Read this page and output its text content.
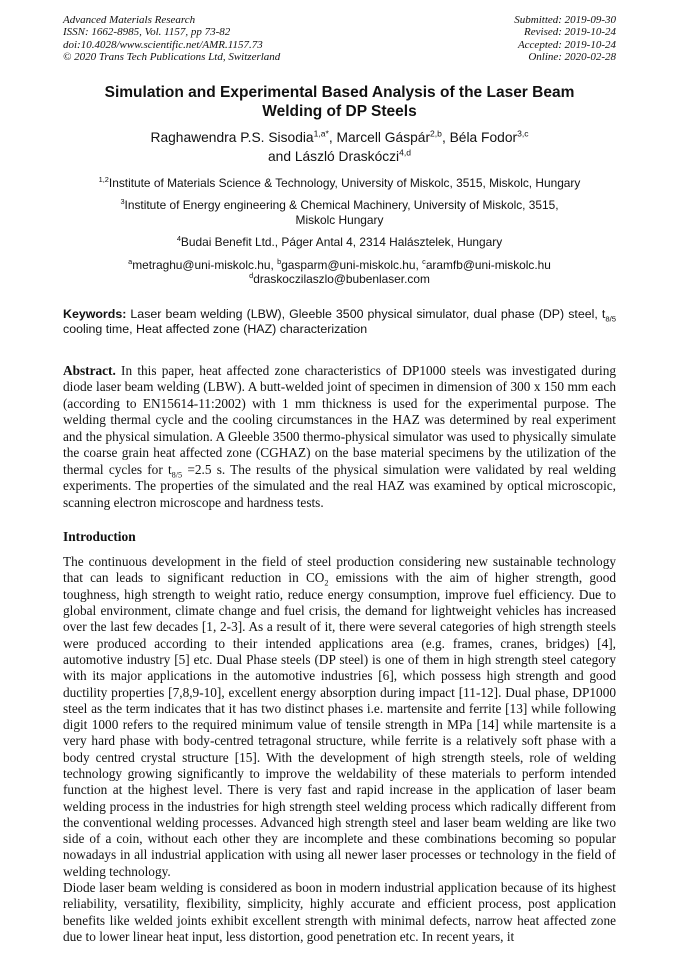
Advanced Materials Research
ISSN: 1662-8985, Vol. 1157, pp 73-82
doi:10.4028/www.scientific.net/AMR.1157.73
© 2020 Trans Tech Publications Ltd, Switzerland
Submitted: 2019-09-30
Revised: 2019-10-24
Accepted: 2019-10-24
Online: 2020-02-28
Simulation and Experimental Based Analysis of the Laser Beam
Welding of DP Steels
Raghawendra P.S. Sisodia$^{1,a*}$, Marcell Gáspár$^{2,b}$, Béla Fodor$^{3,c}$
and László Draskóczi$^{4,d}$
$^{1,2}$Institute of Materials Science & Technology, University of Miskolc, 3515, Miskolc, Hungary
$^3$Institute of Energy engineering & Chemical Machinery, University of Miskolc, 3515,
Miskolc Hungary
$^4$Budai Benefit Ltd., Páger Antal 4, 2314 Halásztelek, Hungary
$^a$metraghu@uni-miskolc.hu, $^b$gasparm@uni-miskolc.hu, $^c$aramfb@uni-miskolc.hu
$^d$draskoczilaszlo@bubenlaser.com
Keywords: Laser beam welding (LBW), Gleeble 3500 physical simulator, dual phase (DP) steel, $t_{8/5}$ cooling time, Heat affected zone (HAZ) characterization
Abstract. In this paper, heat affected zone characteristics of DP1000 steels was investigated during diode laser beam welding (LBW). A butt-welded joint of specimen in dimension of 300 x 150 mm each (according to EN15614-11:2002) with 1 mm thickness is used for the experimental purpose. The welding thermal cycle and the cooling circumstances in the HAZ was determined by real experiment and the physical simulation. A Gleeble 3500 thermo-physical simulator was used to physically simulate the coarse grain heat affected zone (CGHAZ) on the base material specimens by the utilization of the thermal cycles for $t_{8/5} =2.5$ s. The results of the physical simulation were validated by real welding experiments. The properties of the simulated and the real HAZ was examined by optical microscopic, scanning electron microscope and hardness tests.
Introduction

The continuous development in the field of steel production considering new sustainable technology that can leads to significant reduction in $CO_2$ emissions with the aim of higher strength, good toughness, high strength to weight ratio, reduce energy consumption, improve fuel efficiency. Due to global environment, climate change and fuel crisis, the demand for lightweight vehicles has increased over the last few decades [1, 2-3]. As a result of it, there were several categories of high strength steels were produced according to their intended applications area (e.g. frames, cranes, bridges) [4], automotive industry [5] etc. Dual Phase steels (DP steel) is one of them in high strength steel category with its major applications in the automotive industries [6], which possess high strength and good ductility properties [7,8,9-10], excellent energy absorption during impact [11-12]. Dual phase, DP1000 steel as the term indicates that it has two distinct phases i.e. martensite and ferrite [13] while following digit 1000 refers to the required minimum value of tensile strength in MPa [14] while martensite is a very hard phase with body-centred tetragonal structure, while ferrite is a relatively soft phase with a body centred crystal structure [15]. With the development of high strength steels, role of welding technology growing significantly to improve the weldability of these materials to perform intended function at the highest level. There is very fast and rapid increase in the application of laser beam welding process in the industries for high strength steel welding process which radically different from the conventional welding processes. Advanced high strength steel and laser beam welding are like two side of a coin, without each other they are incomplete and these combinations becoming so popular nowadays in all industrial application with using all newer laser processes or technology in the field of welding technology.

Diode laser beam welding is considered as boon in modern industrial application because of its highest reliability, versatility, flexibility, simplicity, highly accurate and efficient process, post application benefits like welded joints exhibit excellent strength with minimal defects, narrow heat affected zone due to lower linear heat input, less distortion, good penetration etc. In recent years, it
